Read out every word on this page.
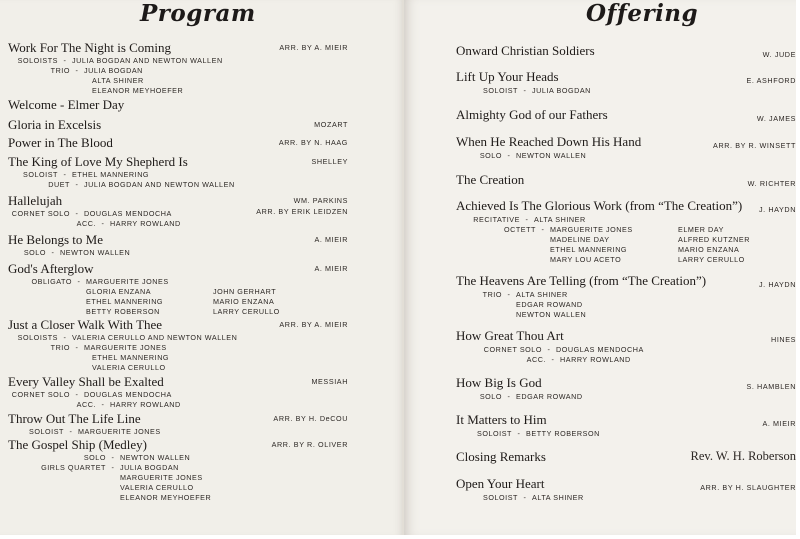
Program
Work For The Night is Coming	ARR. BY A. MIEIR
SOLOISTS - JULIA BOGDAN AND NEWTON WALLEN
TRIO - JULIA BOGDAN
ALTA SHINER
ELEANOR MEYHOEFER
Welcome - Elmer Day
Gloria in Excelsis	MOZART
Power in The Blood	ARR. BY N. HAAG
The King of Love My Shepherd Is	SHELLEY
SOLOIST - ETHEL MANNERING
DUET - JULIA BOGDAN AND NEWTON WALLEN
Hallelujah	WM. PARKINS
ARR. BY ERIK LEIDZEN
CORNET SOLO - DOUGLAS MENDOCHA
ACC. - HARRY ROWLAND
He Belongs to Me	A. MIEIR
SOLO - NEWTON WALLEN
God's Afterglow	A. MIEIR
OBLIGATO - MARGUERITE JONES
GLORIA ENZANA
ETHEL MANNERING
BETTY ROBERSON
JOHN GERHART
MARIO ENZANA
LARRY CERULLO
Just a Closer Walk With Thee	ARR. BY A. MIEIR
SOLOISTS - VALERIA CERULLO AND NEWTON WALLEN
TRIO - MARGUERITE JONES
ETHEL MANNERING
VALERIA CERULLO
Every Valley Shall be Exalted	MESSIAH
CORNET SOLO - DOUGLAS MENDOCHA
ACC. - HARRY ROWLAND
Throw Out The Life Line	ARR. BY H. DeCOU
SOLOIST - MARGUERITE JONES
The Gospel Ship (Medley)	ARR. BY R. OLIVER
SOLO - NEWTON WALLEN
GIRLS QUARTET - JULIA BOGDAN
MARGUERITE JONES
VALERIA CERULLO
ELEANOR MEYHOEFER
Offering
Onward Christian Soldiers	W. JUDE
Lift Up Your Heads	E. ASHFORD
SOLOIST - JULIA BOGDAN
Almighty God of our Fathers	W. JAMES
When He Reached Down His Hand	ARR. BY R. WINSETT
SOLO - NEWTON WALLEN
The Creation	W. RICHTER
Achieved Is The Glorious Work (from “The Creation”)	J. HAYDN
RECITATIVE - ALTA SHINER
OCTETT - MARGUERITE JONES
MADELINE DAY
ETHEL MANNERING
MARY LOU ACETO
ELMER DAY
ALFRED KUTZNER
MARIO ENZANA
LARRY CERULLO
The Heavens Are Telling (from “The Creation”)	J. HAYDN
TRIO - ALTA SHINER
EDGAR ROWAND
NEWTON WALLEN
How Great Thou Art	HINES
CORNET SOLO - DOUGLAS MENDOCHA
ACC. - HARRY ROWLAND
How Big Is God	S. HAMBLEN
SOLO - EDGAR ROWAND
It Matters to Him	A. MIEIR
SOLOIST - BETTY ROBERSON
Closing Remarks	Rev. W. H. Roberson
Open Your Heart	ARR. BY H. SLAUGHTER
SOLOIST - ALTA SHINER
